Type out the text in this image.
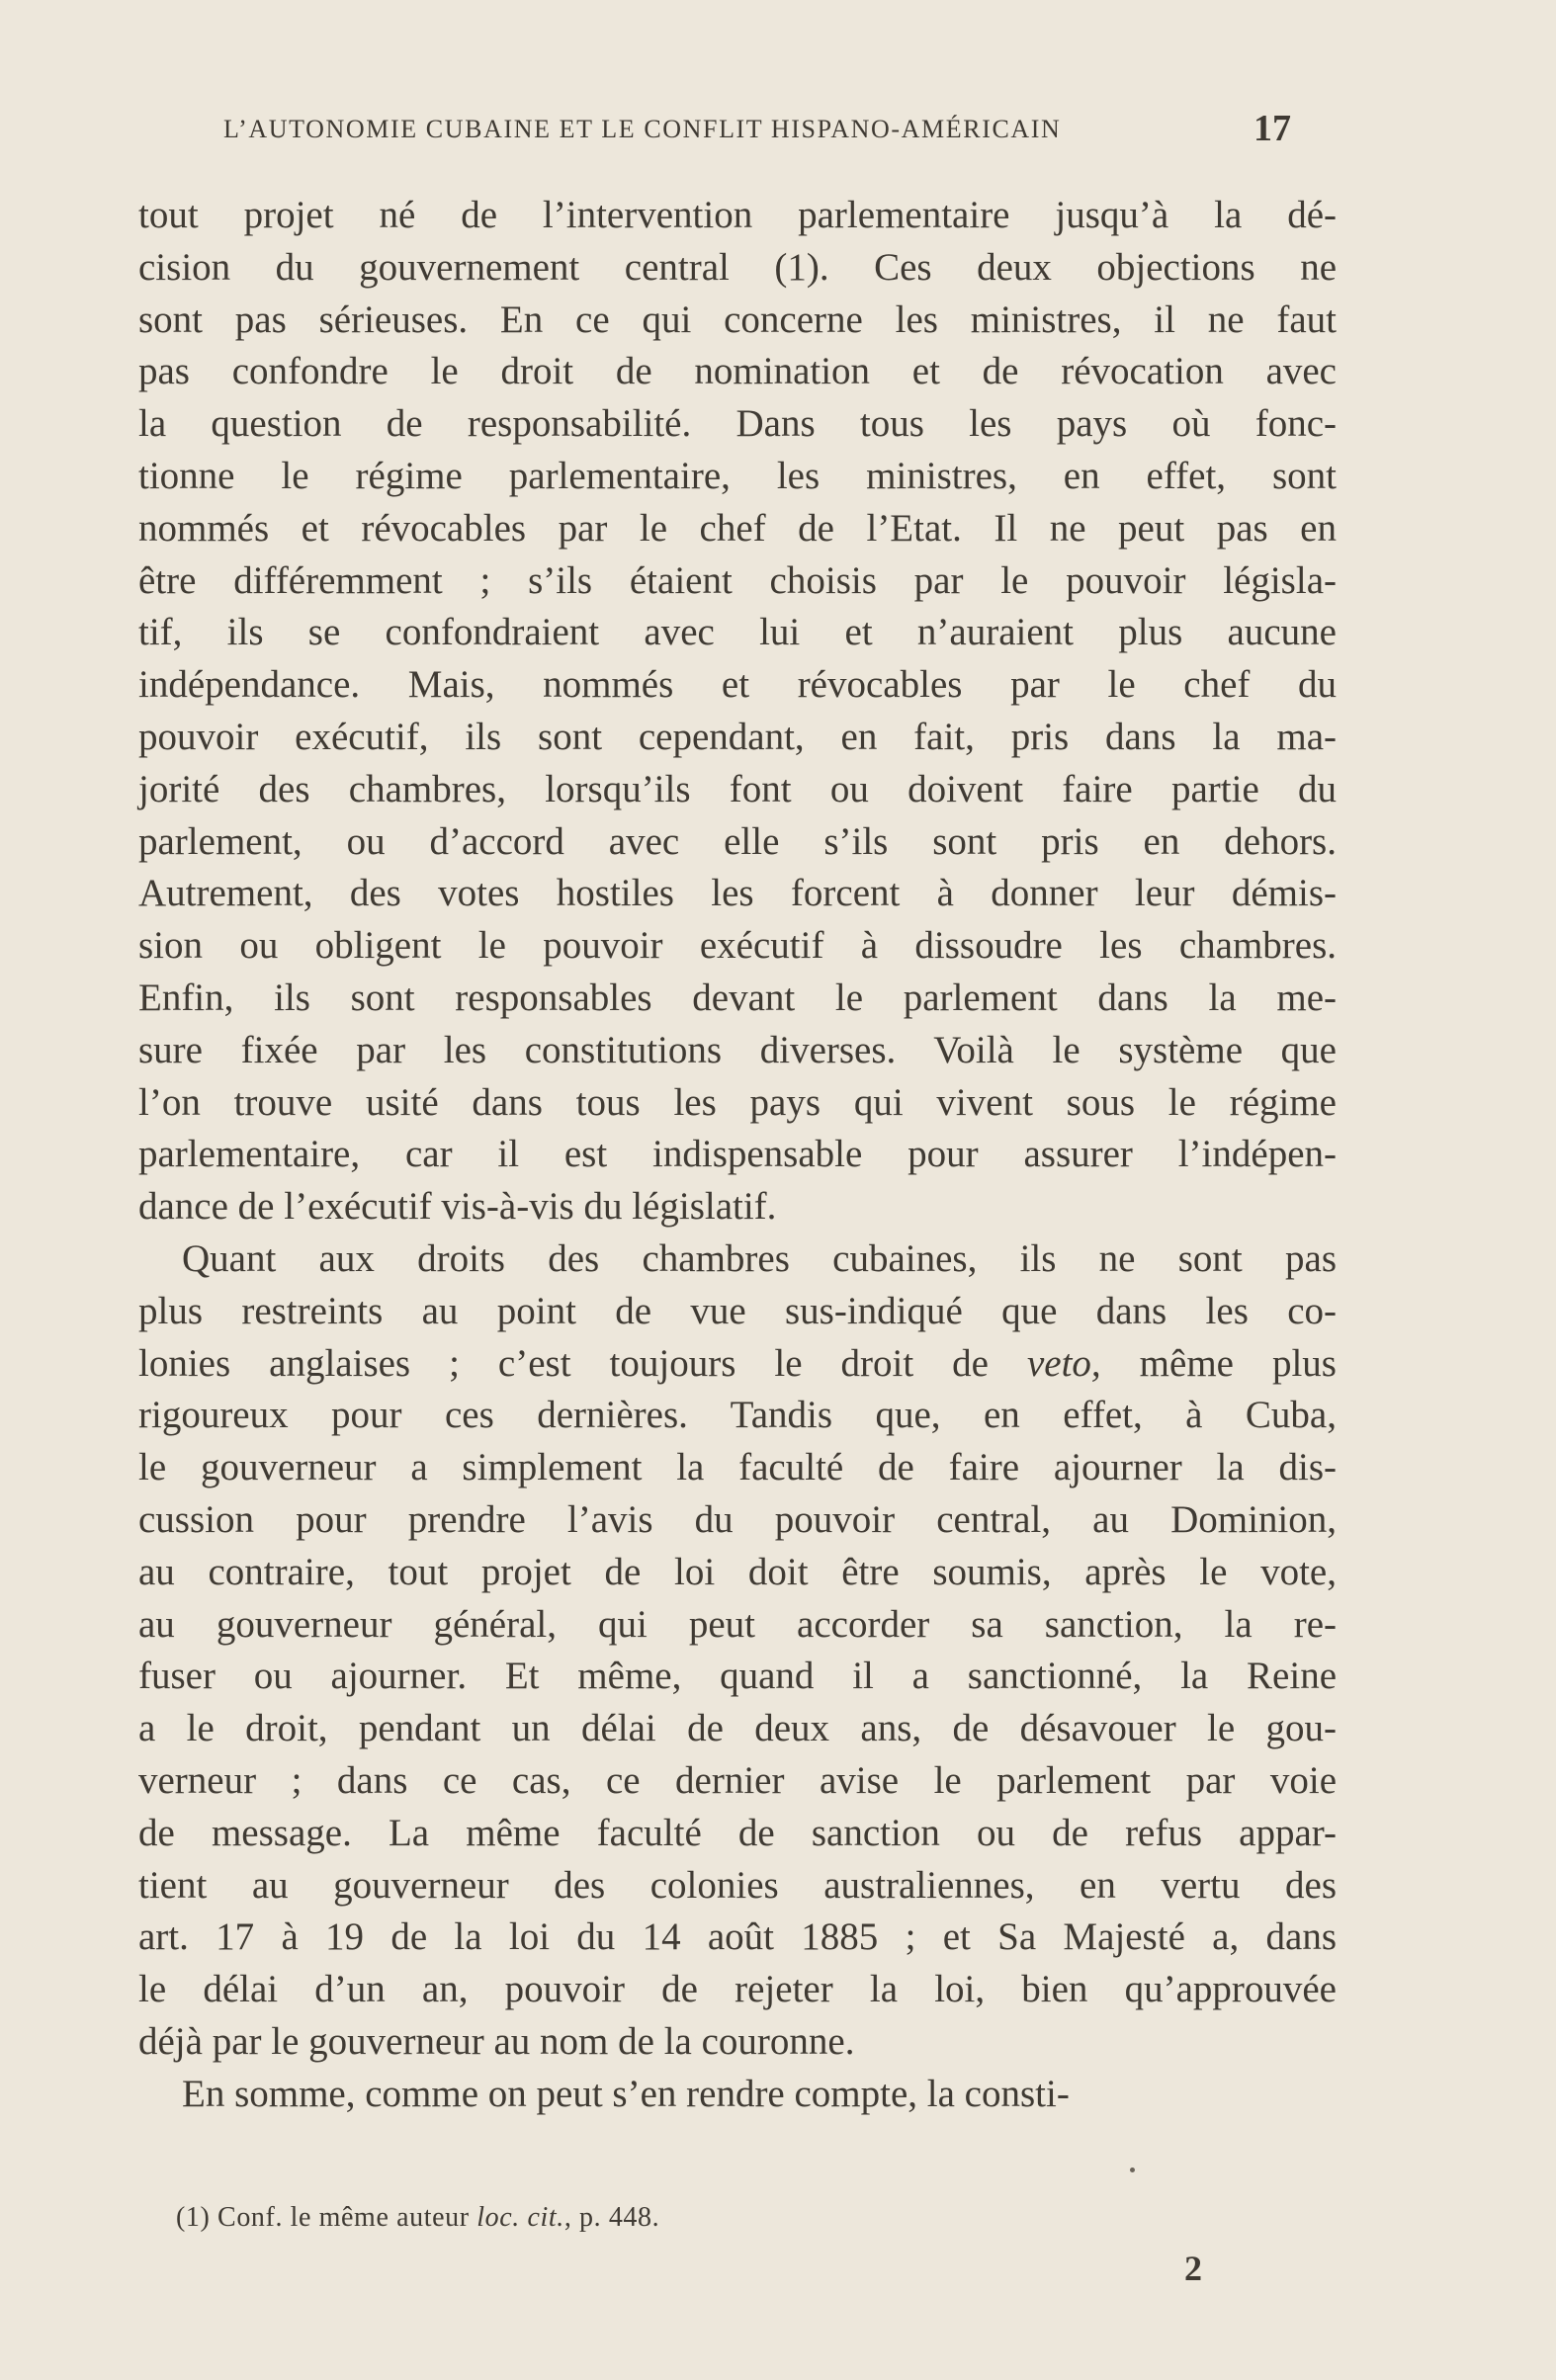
L’AUTONOMIE CUBAINE ET LE CONFLIT HISPANO-AMÉRICAIN	17
tout projet né de l’intervention parlementaire jusqu’à la dé-
cision du gouvernement central (1). Ces deux objections ne
sont pas sérieuses. En ce qui concerne les ministres, il ne faut
pas confondre le droit de nomination et de révocation avec
la question de responsabilité. Dans tous les pays où fonc-
tionne le régime parlementaire, les ministres, en effet, sont
nommés et révocables par le chef de l’Etat. Il ne peut pas en
être différemment ; s’ils étaient choisis par le pouvoir législa-
tif, ils se confondraient avec lui et n’auraient plus aucune
indépendance. Mais, nommés et révocables par le chef du
pouvoir exécutif, ils sont cependant, en fait, pris dans la ma-
jorité des chambres, lorsqu’ils font ou doivent faire partie du
parlement, ou d’accord avec elle s’ils sont pris en dehors.
Autrement, des votes hostiles les forcent à donner leur démis-
sion ou obligent le pouvoir exécutif à dissoudre les chambres.
Enfin, ils sont responsables devant le parlement dans la me-
sure fixée par les constitutions diverses. Voilà le système que
l’on trouve usité dans tous les pays qui vivent sous le régime
parlementaire, car il est indispensable pour assurer l’indépen-
dance de l’exécutif vis-à-vis du législatif.
Quant aux droits des chambres cubaines, ils ne sont pas
plus restreints au point de vue sus-indiqué que dans les co-
lonies anglaises ; c’est toujours le droit de veto, même plus
rigoureux pour ces dernières. Tandis que, en effet, à Cuba,
le gouverneur a simplement la faculté de faire ajourner la dis-
cussion pour prendre l’avis du pouvoir central, au Dominion,
au contraire, tout projet de loi doit être soumis, après le vote,
au gouverneur général, qui peut accorder sa sanction, la re-
fuser ou ajourner. Et même, quand il a sanctionné, la Reine
a le droit, pendant un délai de deux ans, de désavouer le gou-
verneur ; dans ce cas, ce dernier avise le parlement par voie
de message. La même faculté de sanction ou de refus appar-
tient au gouverneur des colonies australiennes, en vertu des
art. 17 à 19 de la loi du 14 août 1885 ; et Sa Majesté a, dans
le délai d’un an, pouvoir de rejeter la loi, bien qu’approuvée
déjà par le gouverneur au nom de la couronne.
En somme, comme on peut s’en rendre compte, la consti-
(1) Conf. le même auteur loc. cit., p. 448.
2
